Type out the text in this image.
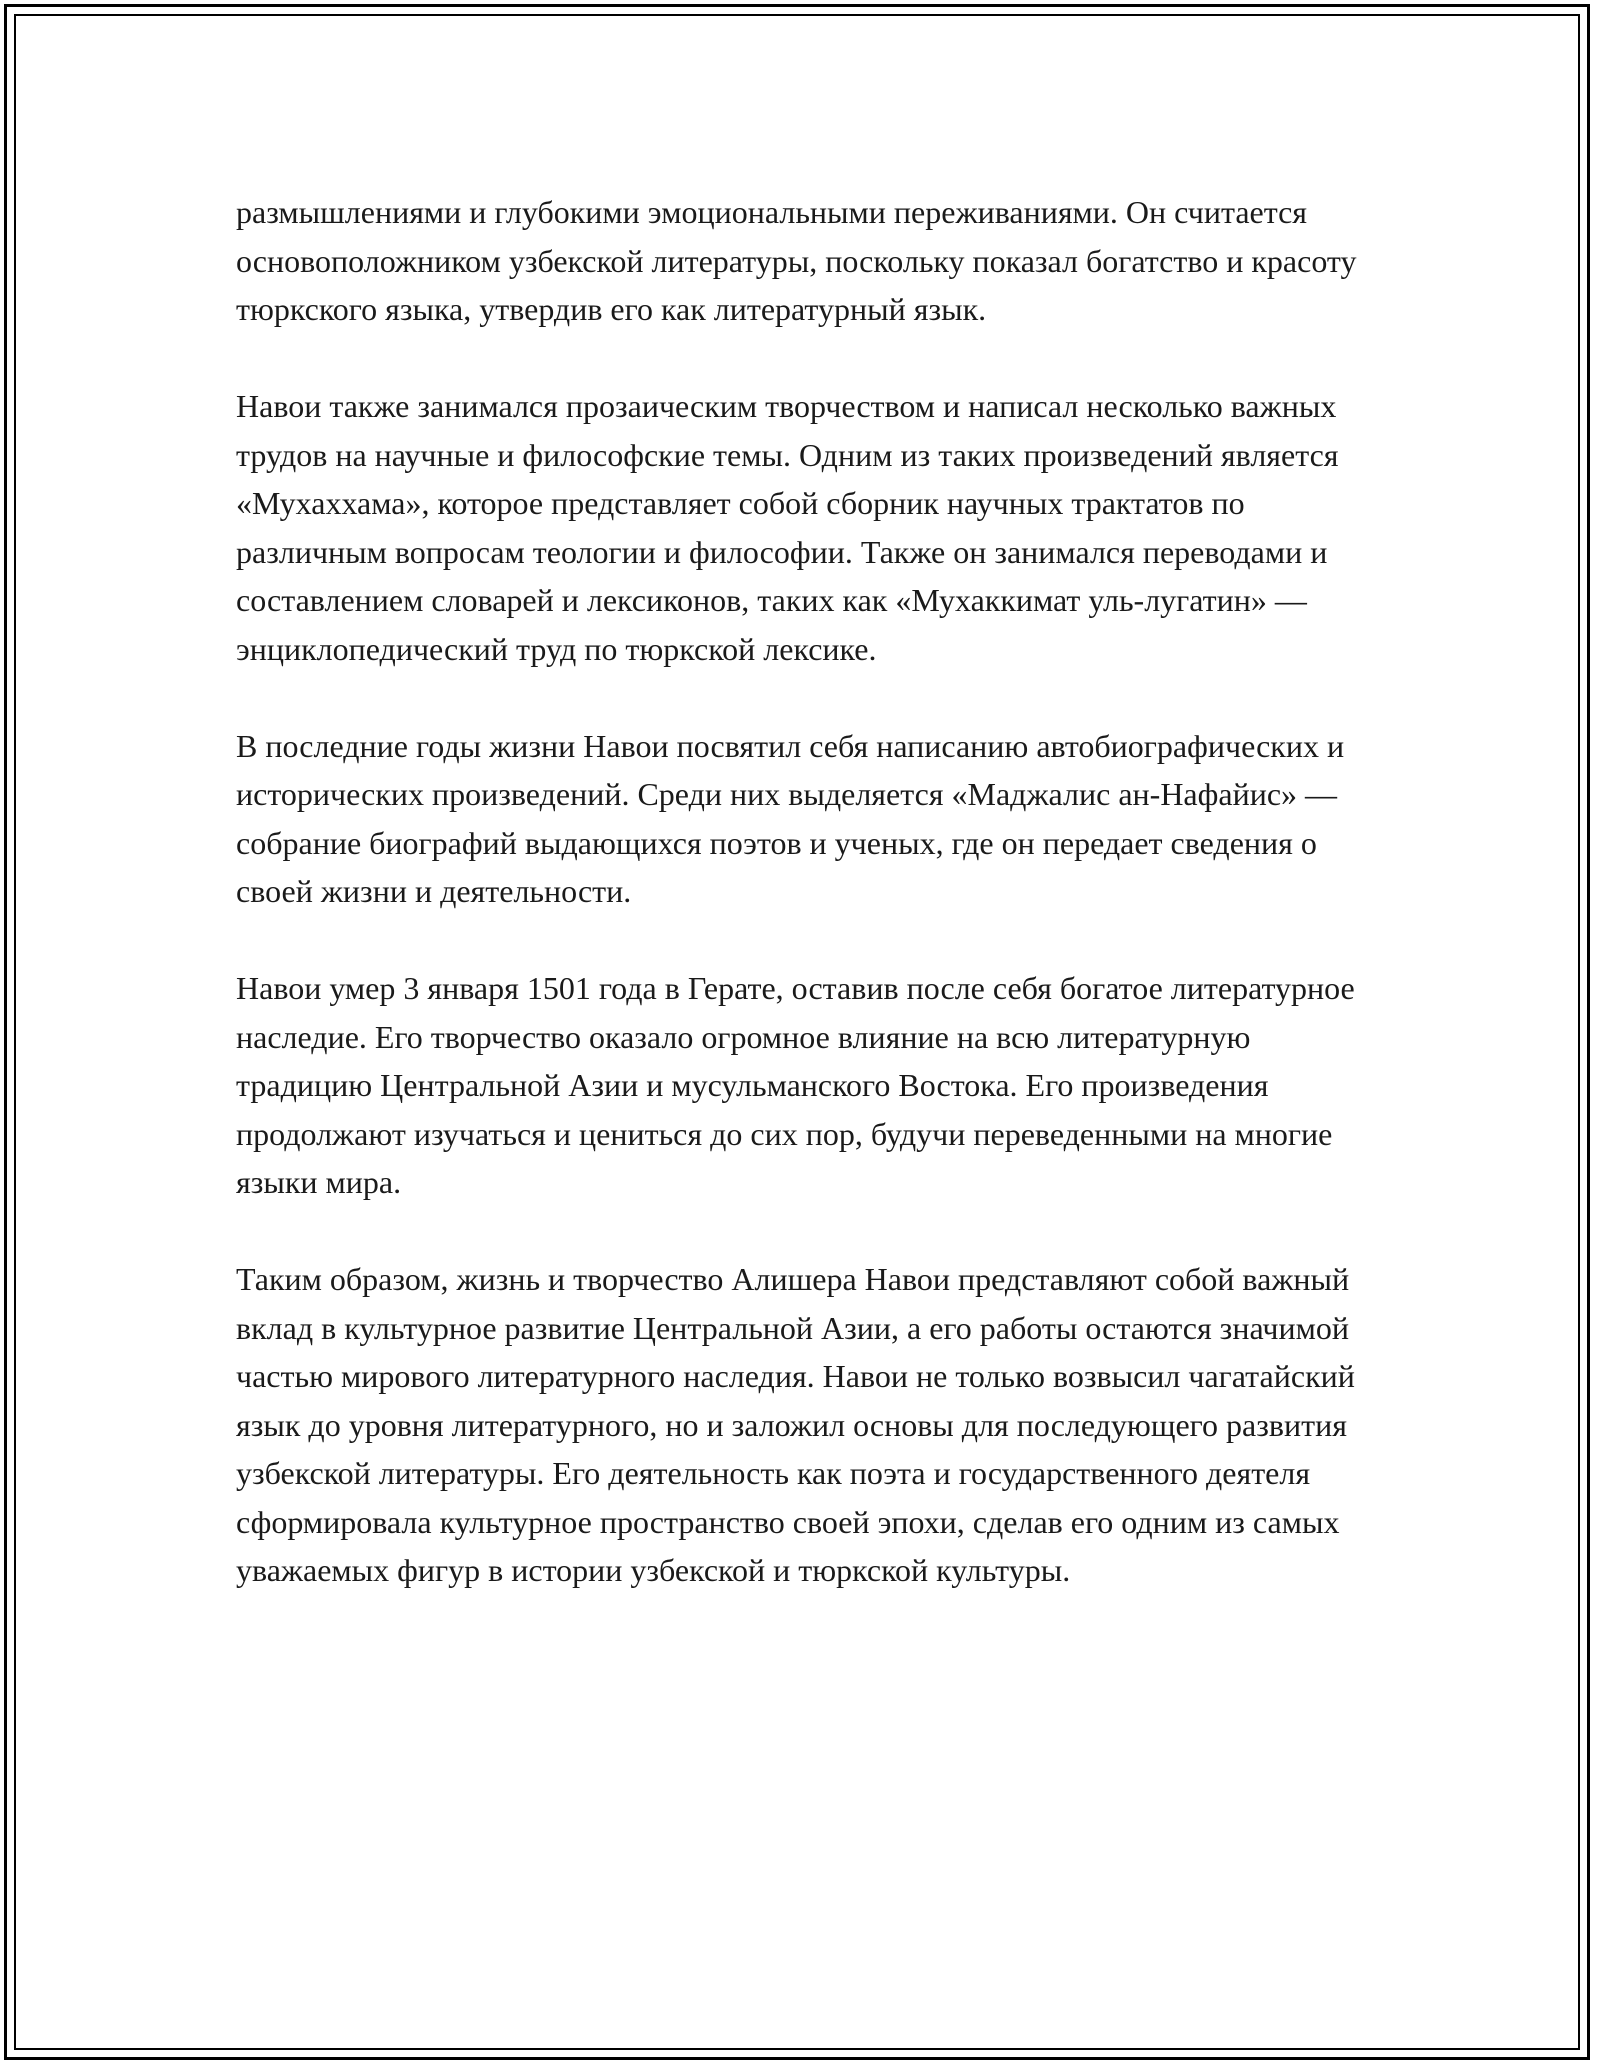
размышлениями и глубокими эмоциональными переживаниями. Он считается основоположником узбекской литературы, поскольку показал богатство и красоту тюркского языка, утвердив его как литературный язык.

Навои также занимался прозаическим творчеством и написал несколько важных трудов на научные и философские темы. Одним из таких произведений является «Мухаххама», которое представляет собой сборник научных трактатов по различным вопросам теологии и философии. Также он занимался переводами и составлением словарей и лексиконов, таких как «Мухаккимат уль-лугатин» — энциклопедический труд по тюркской лексике.

В последние годы жизни Навои посвятил себя написанию автобиографических и исторических произведений. Среди них выделяется «Маджалис ан-Нафайис» — собрание биографий выдающихся поэтов и ученых, где он передает сведения о своей жизни и деятельности.

Навои умер 3 января 1501 года в Герате, оставив после себя богатое литературное наследие. Его творчество оказало огромное влияние на всю литературную традицию Центральной Азии и мусульманского Востока. Его произведения продолжают изучаться и цениться до сих пор, будучи переведенными на многие языки мира.

Таким образом, жизнь и творчество Алишера Навои представляют собой важный вклад в культурное развитие Центральной Азии, а его работы остаются значимой частью мирового литературного наследия. Навои не только возвысил чагатайский язык до уровня литературного, но и заложил основы для последующего развития узбекской литературы. Его деятельность как поэта и государственного деятеля сформировала культурное пространство своей эпохи, сделав его одним из самых уважаемых фигур в истории узбекской и тюркской культуры.
